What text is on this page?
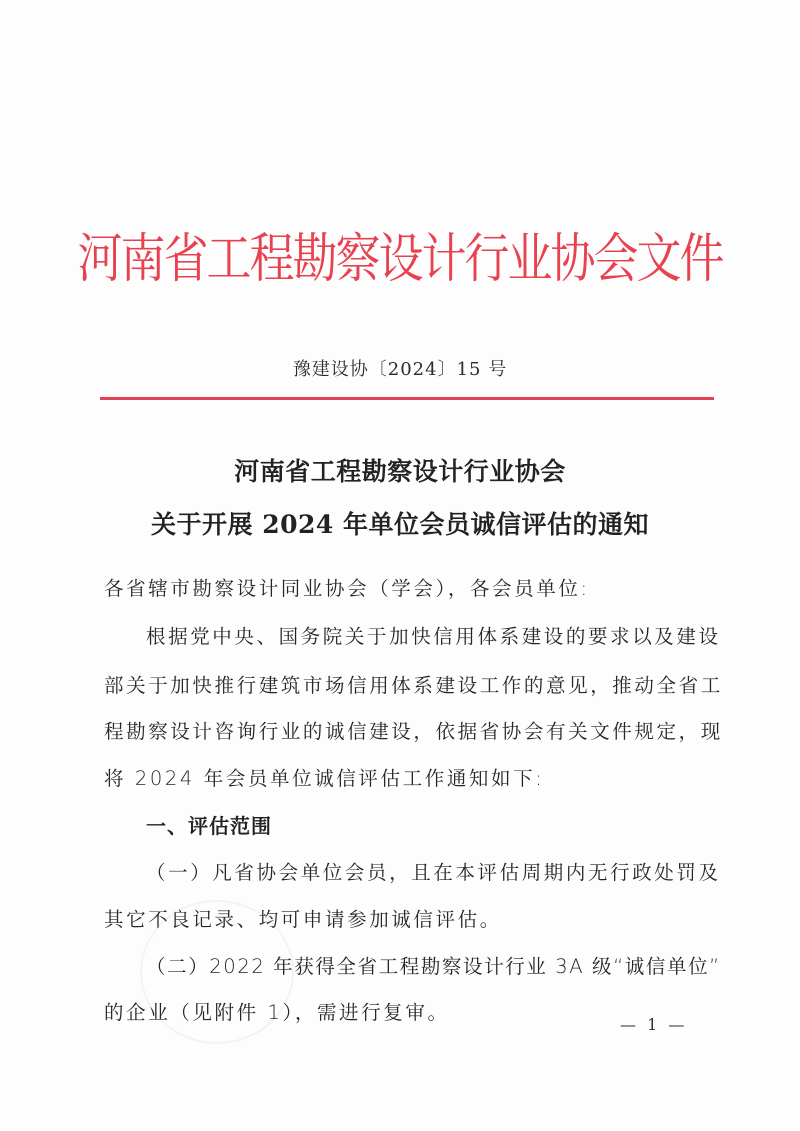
河南省工程勘察设计行业协会文件
豫建设协〔2024〕15 号
河南省工程勘察设计行业协会
关于开展 2024 年单位会员诚信评估的通知
各省辖市勘察设计同业协会（学会），各会员单位:
根据党中央、国务院关于加快信用体系建设的要求以及建设
部关于加快推行建筑市场信用体系建设工作的意见，推动全省工
程勘察设计咨询行业的诚信建设，依据省协会有关文件规定，现
将 2024 年会员单位诚信评估工作通知如下:
一、评估范围
（一）凡省协会单位会员，且在本评估周期内无行政处罚及
其它不良记录、均可申请参加诚信评估。
（二）2022 年获得全省工程勘察设计行业 3A 级“诚信单位”
的企业（见附件 1），需进行复审。
— 1 —
